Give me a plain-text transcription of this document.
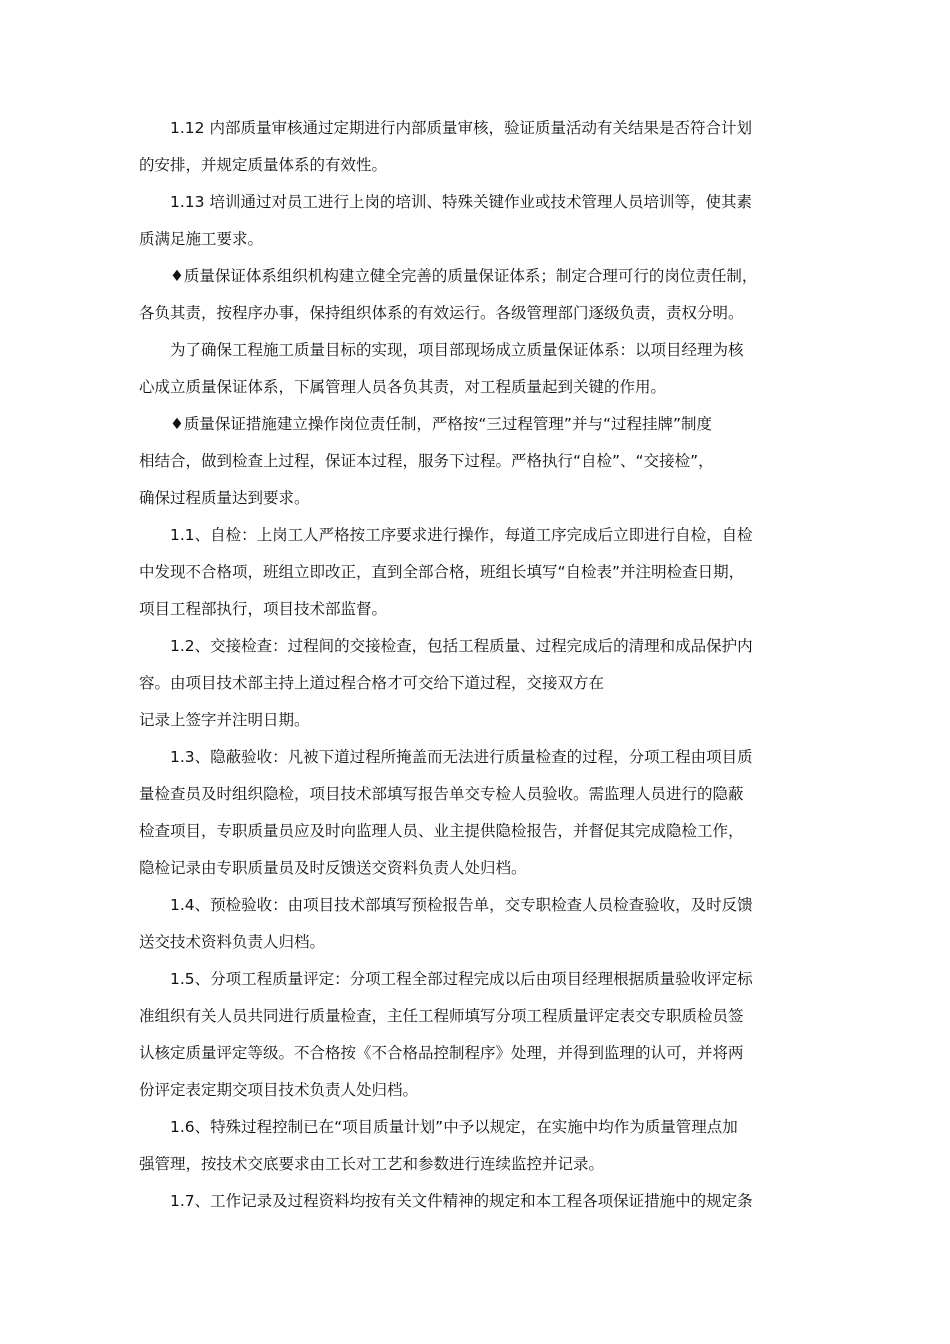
1.12 内部质量审核通过定期进行内部质量审核，验证质量活动有关结果是否符合计划
的安排，并规定质量体系的有效性。

1.13 培训通过对员工进行上岗的培训、特殊关键作业或技术管理人员培训等，使其素
质满足施工要求。

♦质量保证体系组织机构建立健全完善的质量保证体系；制定合理可行的岗位责任制，
各负其责，按程序办事，保持组织体系的有效运行。各级管理部门逐级负责，责权分明。

为了确保工程施工质量目标的实现，项目部现场成立质量保证体系：以项目经理为核
心成立质量保证体系，下属管理人员各负其责，对工程质量起到关键的作用。

♦质量保证措施建立操作岗位责任制，严格按“三过程管理”并与“过程挂牌”制度
相结合，做到检查上过程，保证本过程，服务下过程。严格执行“自检”、“交接检”，
确保过程质量达到要求。

1.1、自检：上岗工人严格按工序要求进行操作，每道工序完成后立即进行自检，自检
中发现不合格项，班组立即改正，直到全部合格，班组长填写“自检表”并注明检查日期，
项目工程部执行，项目技术部监督。

1.2、交接检查：过程间的交接检查，包括工程质量、过程完成后的清理和成品保护内
容。由项目技术部主持上道过程合格才可交给下道过程，交接双方在
记录上签字并注明日期。

1.3、隐蔽验收：凡被下道过程所掩盖而无法进行质量检查的过程，分项工程由项目质
量检查员及时组织隐检，项目技术部填写报告单交专检人员验收。需监理人员进行的隐蔽
检查项目，专职质量员应及时向监理人员、业主提供隐检报告，并督促其完成隐检工作，
隐检记录由专职质量员及时反馈送交资料负责人处归档。

1.4、预检验收：由项目技术部填写预检报告单，交专职检查人员检查验收，及时反馈
送交技术资料负责人归档。

1.5、分项工程质量评定：分项工程全部过程完成以后由项目经理根据质量验收评定标
准组织有关人员共同进行质量检查，主任工程师填写分项工程质量评定表交专职质检员签
认核定质量评定等级。不合格按《不合格品控制程序》处理，并得到监理的认可，并将两
份评定表定期交项目技术负责人处归档。

1.6、特殊过程控制已在“项目质量计划”中予以规定，在实施中均作为质量管理点加
强管理，按技术交底要求由工长对工艺和参数进行连续监控并记录。

1.7、工作记录及过程资料均按有关文件精神的规定和本工程各项保证措施中的规定条
